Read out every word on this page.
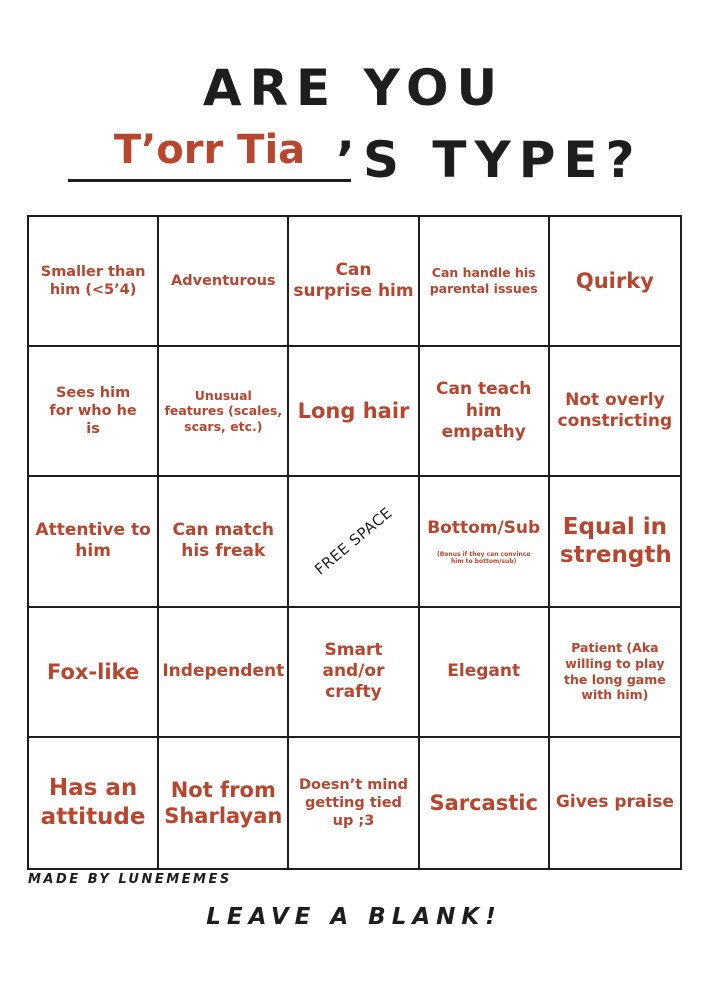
ARE YOU
T’orr Tia ’S TYPE?
Smaller than him (<5’4)
Adventurous
Can surprise him
Can handle his parental issues Quirky
Sees him for who he is
Unusual features (scales, scars, etc.)
Long hair
Can teach him empathy
Not overly constricting
Attentive to him
Can match his freak	FREE SPACE Bottom/Sub
(Bonus if they can convince him to bottom/sub)
Equal in strength
Fox-like Independent
Smart and/or crafty
Elegant
Patient (Aka willing to play the long game with him)
Has an attitude
Not from Sharlayan
Doesn’t mind getting tied up ;3
Sarcastic Gives praise
MADE BY LUNEMEMES
LEAVE A BLANK!
